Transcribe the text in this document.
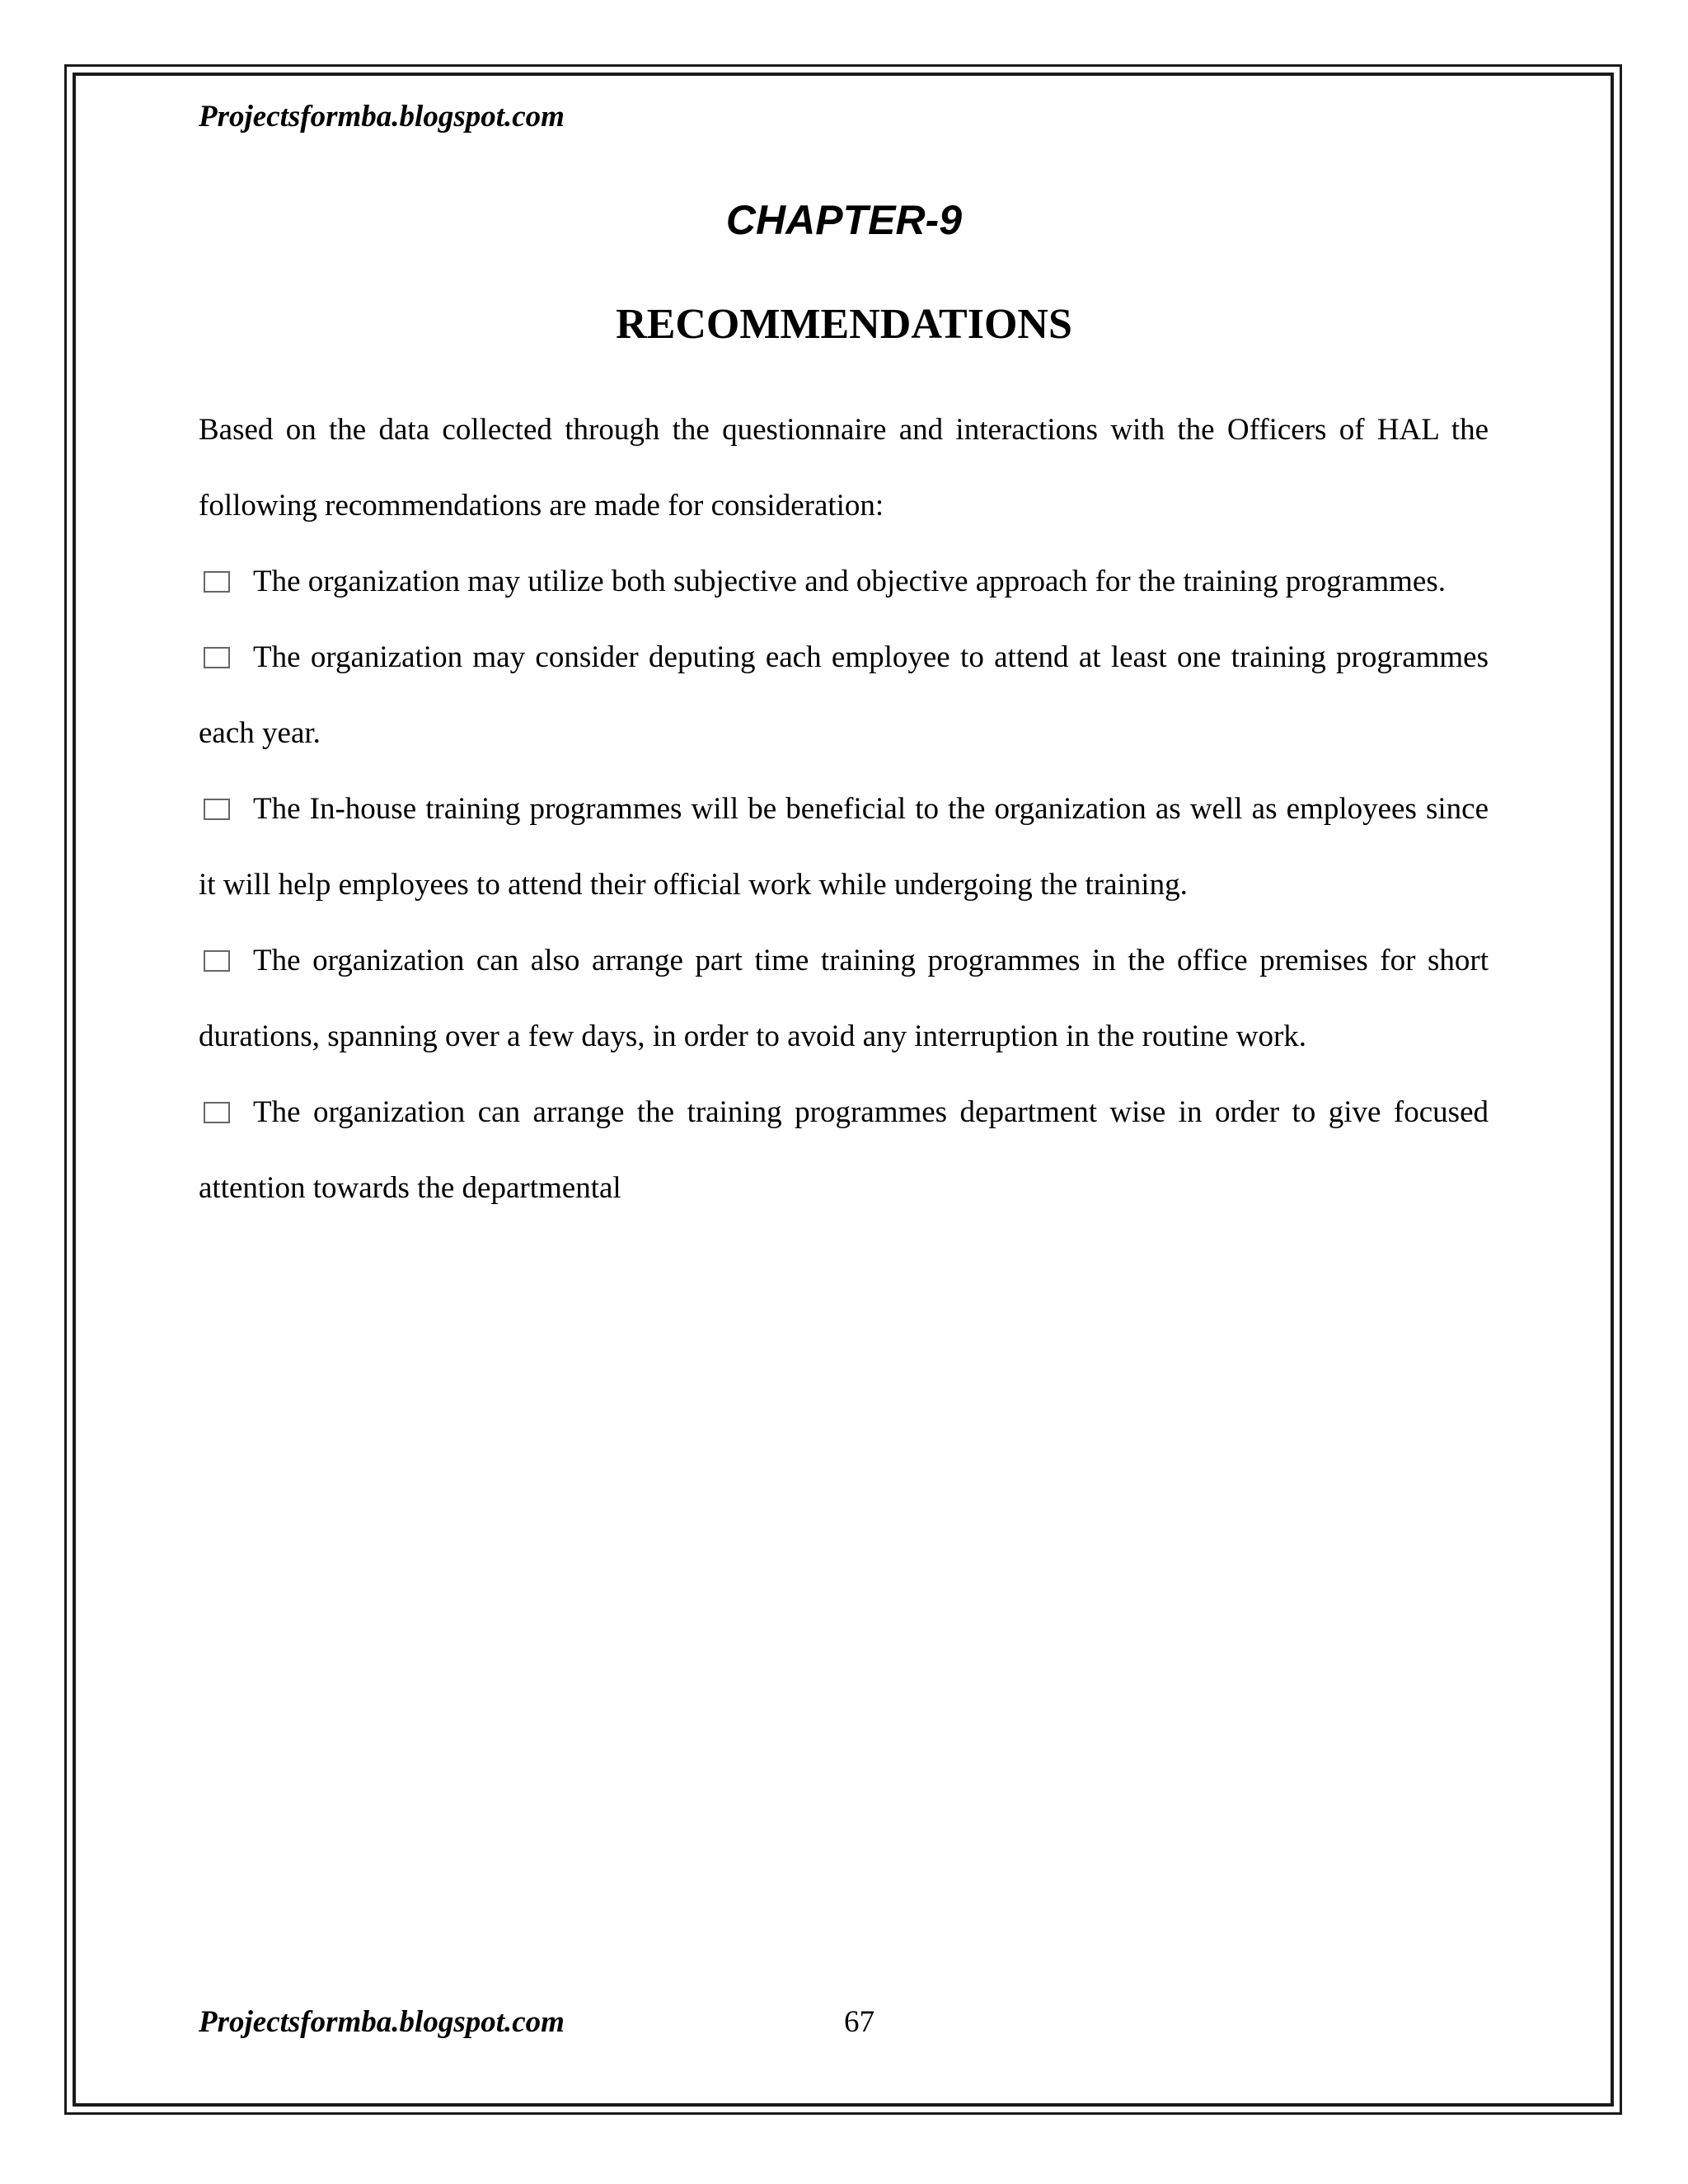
Projectsformba.blogspot.com
CHAPTER-9
RECOMMENDATIONS

Based on the data collected through the questionnaire and interactions with the Officers of HAL the following recommendations are made for consideration:

The organization may utilize both subjective and objective approach for the training programmes.

The organization may consider deputing each employee to attend at least one training programmes each year.

The In-house training programmes will be beneficial to the organization as well as employees since it will help employees to attend their official work while undergoing the training.

The organization can also arrange part time training programmes in the office premises for short durations, spanning over a few days, in order to avoid any interruption in the routine work.

The organization can arrange the training programmes department wise in order to give focused attention towards the departmental

Projectsformba.blogspot.com	67
